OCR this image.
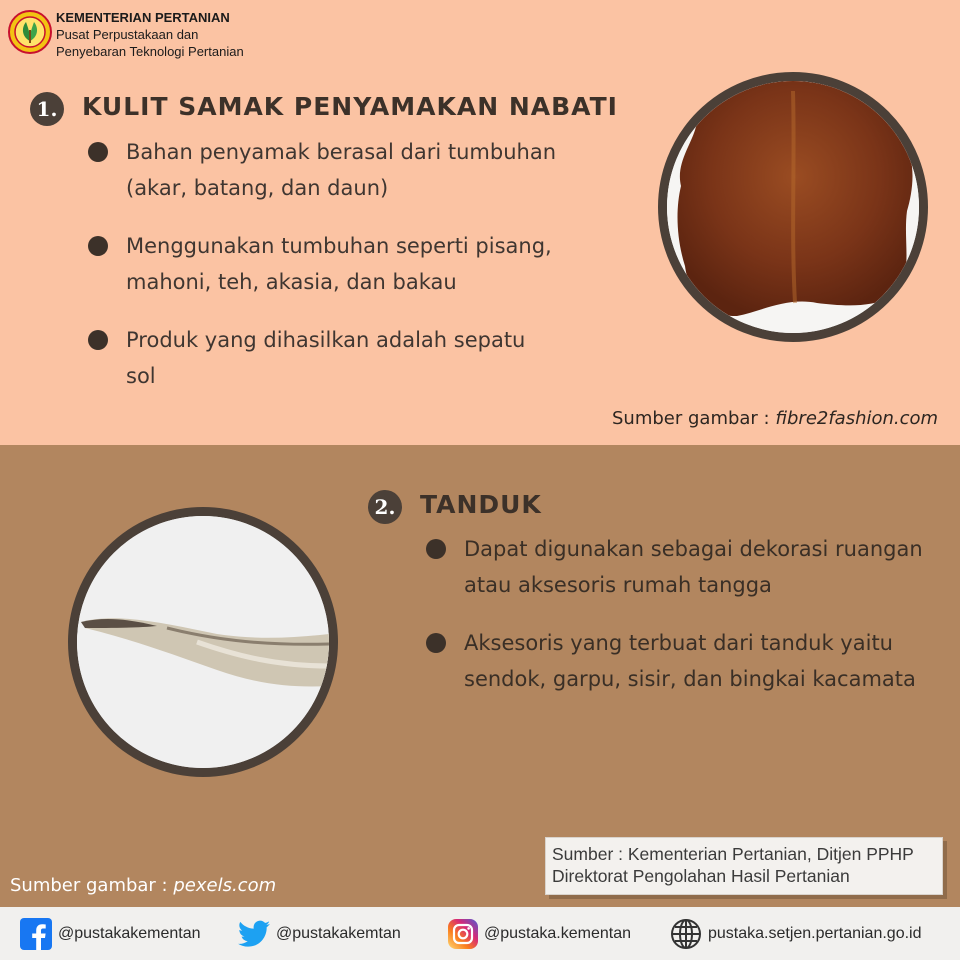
KEMENTERIAN PERTANIAN
Pusat Perpustakaan dan
Penyebaran Teknologi Pertanian
1. KULIT SAMAK PENYAMAKAN NABATI
Bahan penyamak berasal dari tumbuhan
(akar, batang, dan daun)
Menggunakan tumbuhan seperti pisang,
mahoni, teh, akasia, dan bakau
Produk yang dihasilkan adalah sepatu
sol
Sumber gambar : fibre2fashion.com
2. TANDUK
Dapat digunakan sebagai dekorasi ruangan
atau aksesoris rumah tangga
Aksesoris yang terbuat dari tanduk yaitu
sendok, garpu, sisir, dan bingkai kacamata
Sumber gambar : pexels.com
Sumber : Kementerian Pertanian, Ditjen PPHP
Direktorat Pengolahan Hasil Pertanian
@pustakakementan	@pustakakemtan	@pustaka.kementan	pustaka.setjen.pertanian.go.id
